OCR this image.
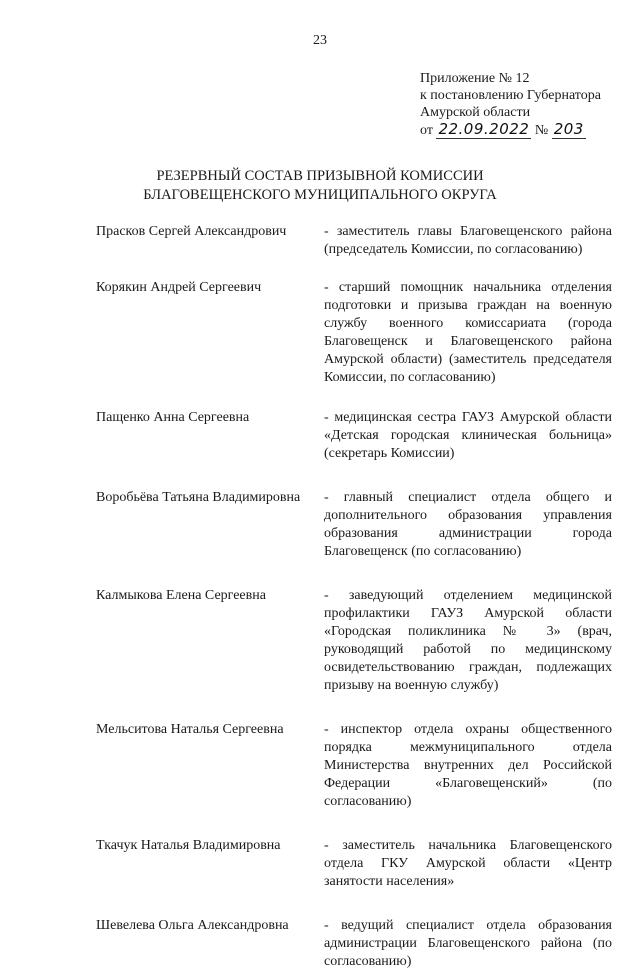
23
Приложение № 12
к постановлению Губернатора
Амурской области
от 22.09.2022 № 203
РЕЗЕРВНЫЙ СОСТАВ ПРИЗЫВНОЙ КОМИССИИ
БЛАГОВЕЩЕНСКОГО МУНИЦИПАЛЬНОГО ОКРУГА
Прасков Сергей Александрович	- заместитель главы Благовещенского района (председатель Комиссии, по согласованию)
Корякин Андрей Сергеевич	- старший помощник начальника отделения подготовки и призыва граждан на военную службу военного комиссариата (города Благовещенск и Благовещенского района Амурской области) (заместитель председателя Комиссии, по согласованию)
Пащенко Анна Сергеевна	- медицинская сестра ГАУЗ Амурской области «Детская городская клиническая больница» (секретарь Комиссии)
Воробьёва Татьяна Владимировна	- главный специалист отдела общего и дополнительного образования управления образования администрации города Благовещенск (по согласованию)
Калмыкова Елена Сергеевна	- заведующий отделением медицинской профилактики ГАУЗ Амурской области «Городская поликлиника № 3» (врач, руководящий работой по медицинскому освидетельствованию граждан, подлежащих призыву на военную службу)
Мельситова Наталья Сергеевна	- инспектор отдела охраны общественного порядка межмуниципального отдела Министерства внутренних дел Российской Федерации «Благовещенский» (по согласованию)
Ткачук Наталья Владимировна	- заместитель начальника Благовещенского отдела ГКУ Амурской области «Центр занятости населения»
Шевелева Ольга Александровна	- ведущий специалист отдела образования администрации Благовещенского района (по согласованию)
